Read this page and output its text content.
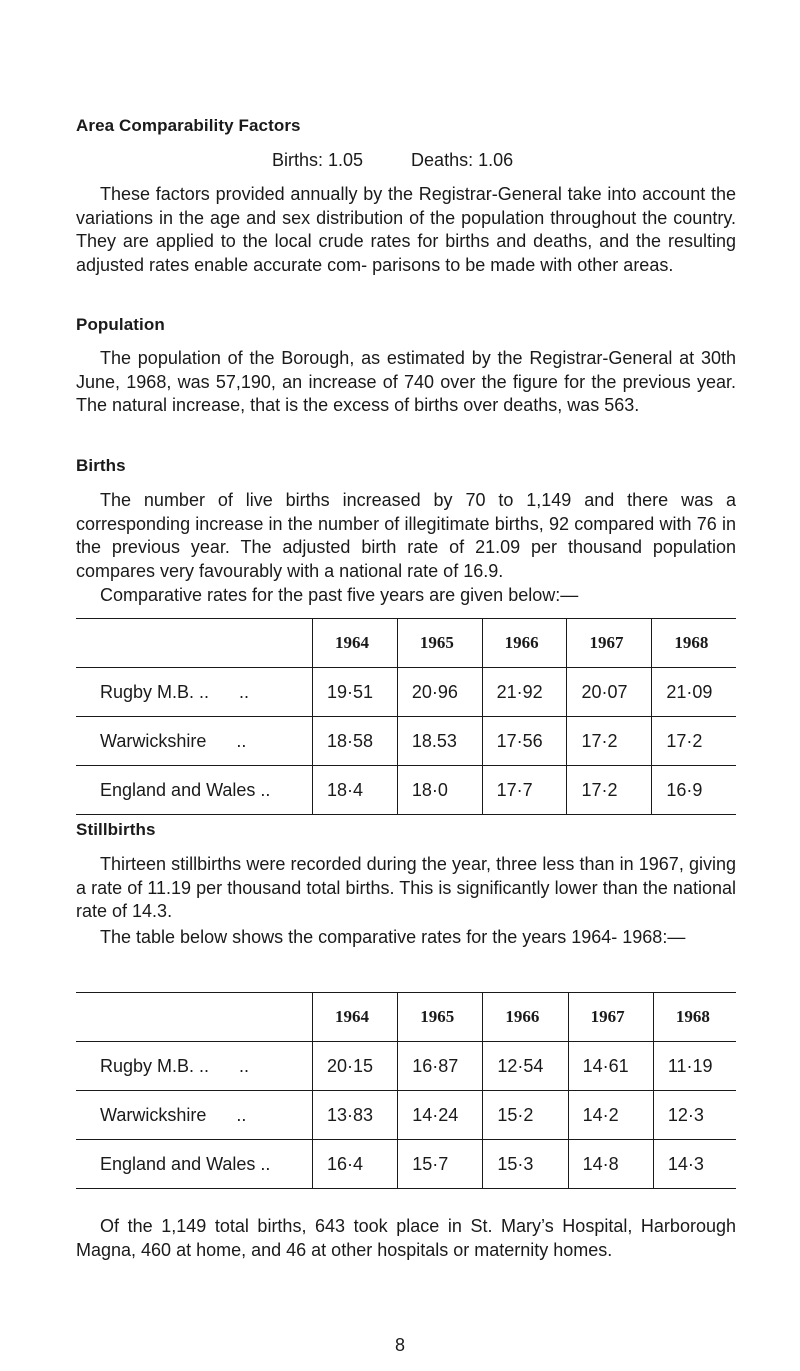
Area Comparability Factors
Births: 1.05	Deaths: 1.06

These factors provided annually by the Registrar-General take into account the variations in the age and sex distribution of the population throughout the country. They are applied to the local crude rates for births and deaths, and the resulting adjusted rates enable accurate com- parisons to be made with other areas.

Population

The population of the Borough, as estimated by the Registrar-General at 30th June, 1968, was 57,190, an increase of 740 over the figure for the previous year. The natural increase, that is the excess of births over deaths, was 563.

Births

The number of live births increased by 70 to 1,149 and there was a corresponding increase in the number of illegitimate births, 92 compared with 76 in the previous year. The adjusted birth rate of 21.09 per thousand population compares very favourably with a national rate of 16.9.

Comparative rates for the past five years are given below:—

	1964	1965	1966	1967	1968
Rugby M.B. ..      ..	19·51	20·96	21·92	20·07	21·09
Warwickshire      ..	18·58	18.53	17·56	17·2	17·2
England and Wales ..	18·4	18·0	17·7	17·2	16·9
Stillbirths

Thirteen stillbirths were recorded during the year, three less than in 1967, giving a rate of 11.19 per thousand total births. This is significantly lower than the national rate of 14.3.

The table below shows the comparative rates for the years 1964- 1968:—

	1964	1965	1966	1967	1968
Rugby M.B. ..      ..	20·15	16·87	12·54	14·61	11·19
Warwickshire      ..	13·83	14·24	15·2	14·2	12·3
England and Wales ..	16·4	15·7	15·3	14·8	14·3

Of the 1,149 total births, 643 took place in St. Mary’s Hospital, Harborough Magna, 460 at home, and 46 at other hospitals or maternity homes.

8
